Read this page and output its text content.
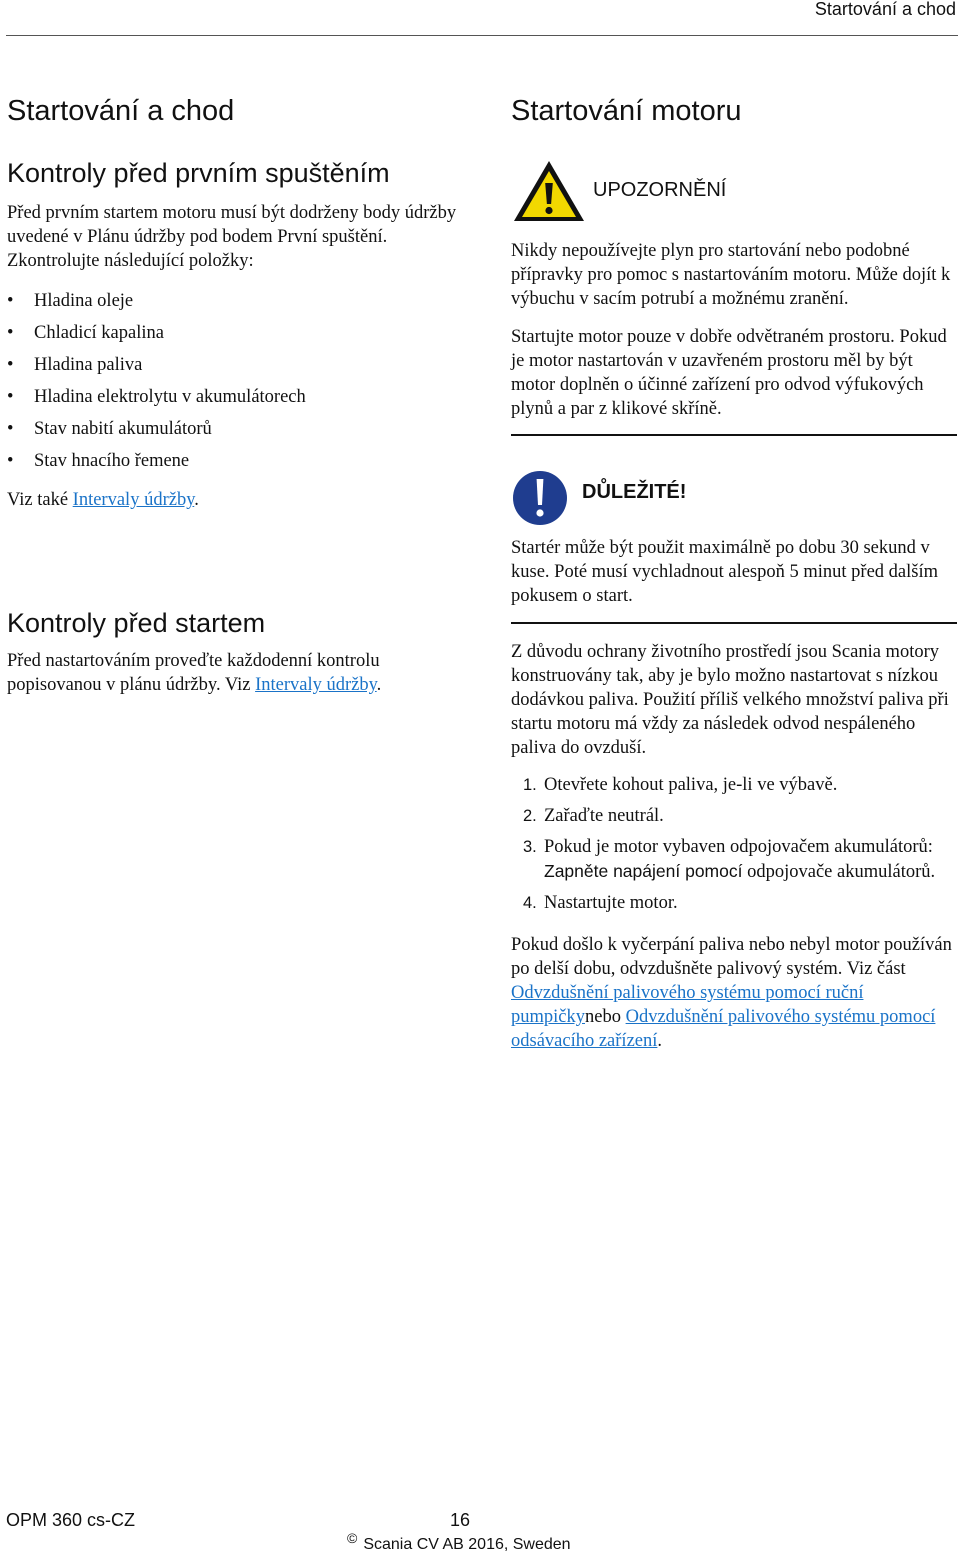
Startování a chod
Startování a chod
Kontroly před prvním spuštěním

Před prvním startem motoru musí být dodrženy body údržby uvedené v Plánu údržby pod bodem První spuštění. Zkontrolujte následující položky:

• Hladina oleje
• Chladicí kapalina
• Hladina paliva
• Hladina elektrolytu v akumulátorech
• Stav nabití akumulátorů
• Stav hnacího řemene

Viz také Intervaly údržby.

Kontroly před startem

Před nastartováním proveďte každodenní kontrolu popisovanou v plánu údržby. Viz Intervaly údržby.

Startování motoru
UPOZORNĚNÍ

Nikdy nepoužívejte plyn pro startování nebo podobné přípravky pro pomoc s nastartováním motoru. Může dojít k výbuchu v sacím potrubí a možnému zranění.

Startujte motor pouze v dobře odvětraném prostoru. Pokud je motor nastartován v uzavřeném prostoru měl by být motor doplněn o účinné zařízení pro odvod výfukových plynů a par z klikové skříně.

DŮLEŽITÉ!

Startér může být použit maximálně po dobu 30 sekund v kuse. Poté musí vychladnout alespoň 5 minut před dalším pokusem o start.

Z důvodu ochrany životního prostředí jsou Scania motory konstruovány tak, aby je bylo možno nastartovat s nízkou dodávkou paliva. Použití příliš velkého množství paliva při startu motoru má vždy za následek odvod nespáleného paliva do ovzduší.

1. Otevřete kohout paliva, je-li ve výbavě.
2. Zařaďte neutrál.
3. Pokud je motor vybaven odpojovačem akumulátorů: Zapněte napájení pomocí odpojovače akumulátorů.
4. Nastartujte motor.

Pokud došlo k vyčerpání paliva nebo nebyl motor používán po delší dobu, odvzdušněte palivový systém. Viz část Odvzdušnění palivového systému pomocí ruční pumpičkynebo Odvzdušnění palivového systému pomocí odsávacího zařízení.

OPM 360 cs-CZ	16
© Scania CV AB 2016, Sweden
